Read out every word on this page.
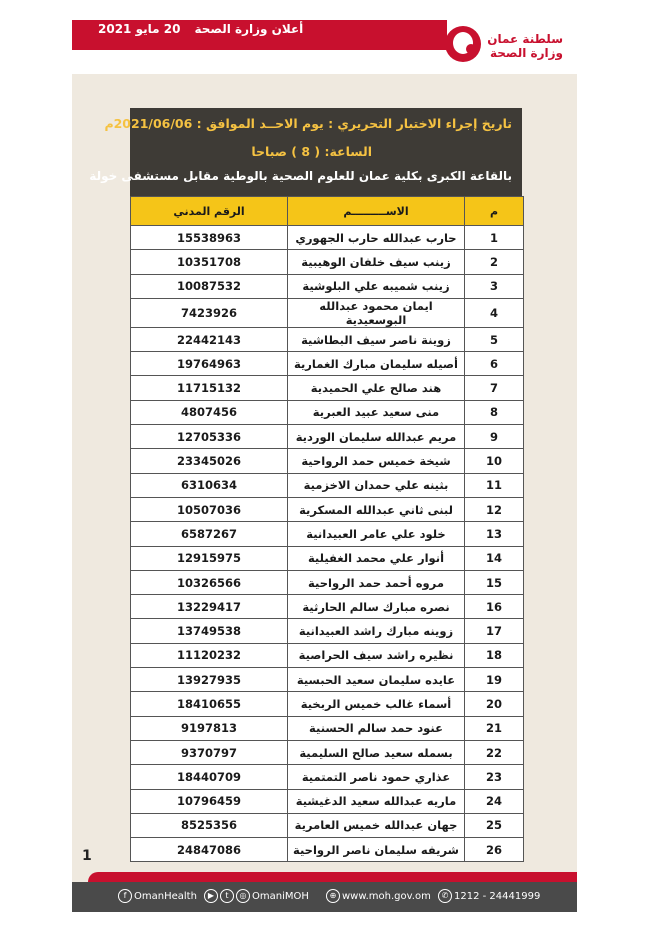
أعلان وزارة الصحة20 مايو 2021
سلطنة عمان
وزارة الصحة
تاريخ إجراء الاختبار التحريري : يوم الاحــد الموافق : 2021/06/06م
الساعة: ( 8 ) صباحا
بالقاعة الكبرى بكلية عمان للعلوم الصحية بالوطية مقابل مستشفى خولة
م	الاســـــــــم	الرقم المدني
1	حارب عبدالله حارب الجهوري	15538963
2	زينب سيف خلفان الوهيبية	10351708
3	زينب شميبه علي البلوشية	10087532
4	ايمان محمود عبدالله البوسعيدية	7423926
5	زوينة ناصر سيف البطاشية	22442143
6	أصيله سليمان مبارك الغمارية	19764963
7	هند صالح علي الحميدية	11715132
8	منى سعيد عبيد العبرية	4807456
9	مريم عبدالله سليمان الوردية	12705336
10	شيخة خميس حمد الرواحية	23345026
11	بثينه علي حمدان الاخزمية	6310634
12	لبنى ثاني عبدالله المسكرية	10507036
13	خلود علي عامر العبيدانية	6587267
14	أنوار علي محمد الغفيلية	12915975
15	مروه أحمد حمد الرواحية	10326566
16	نصره مبارك سالم الحارثية	13229417
17	زوينه مبارك راشد العبيدانية	13749538
18	نظيره راشد سيف الحراصية	11120232
19	عايده سليمان سعيد الحبسية	13927935
20	أسماء غالب خميس الربخية	18410655
21	عنود حمد سالم الحسنية	9197813
22	بسمله سعيد صالح السليمية	9370797
23	عذاري حمود ناصر التمتمية	18440709
24	ماريه عبدالله سعيد الدغيشية	10796459
25	جهان عبدالله خميس العامرية	8525356
26	شريفه سليمان ناصر الرواحية	24847086
1
f OmanHealth	▶ t ◎ OmaniMOH	⊕ www.moh.gov.om	✆ 1212 - 24441999
